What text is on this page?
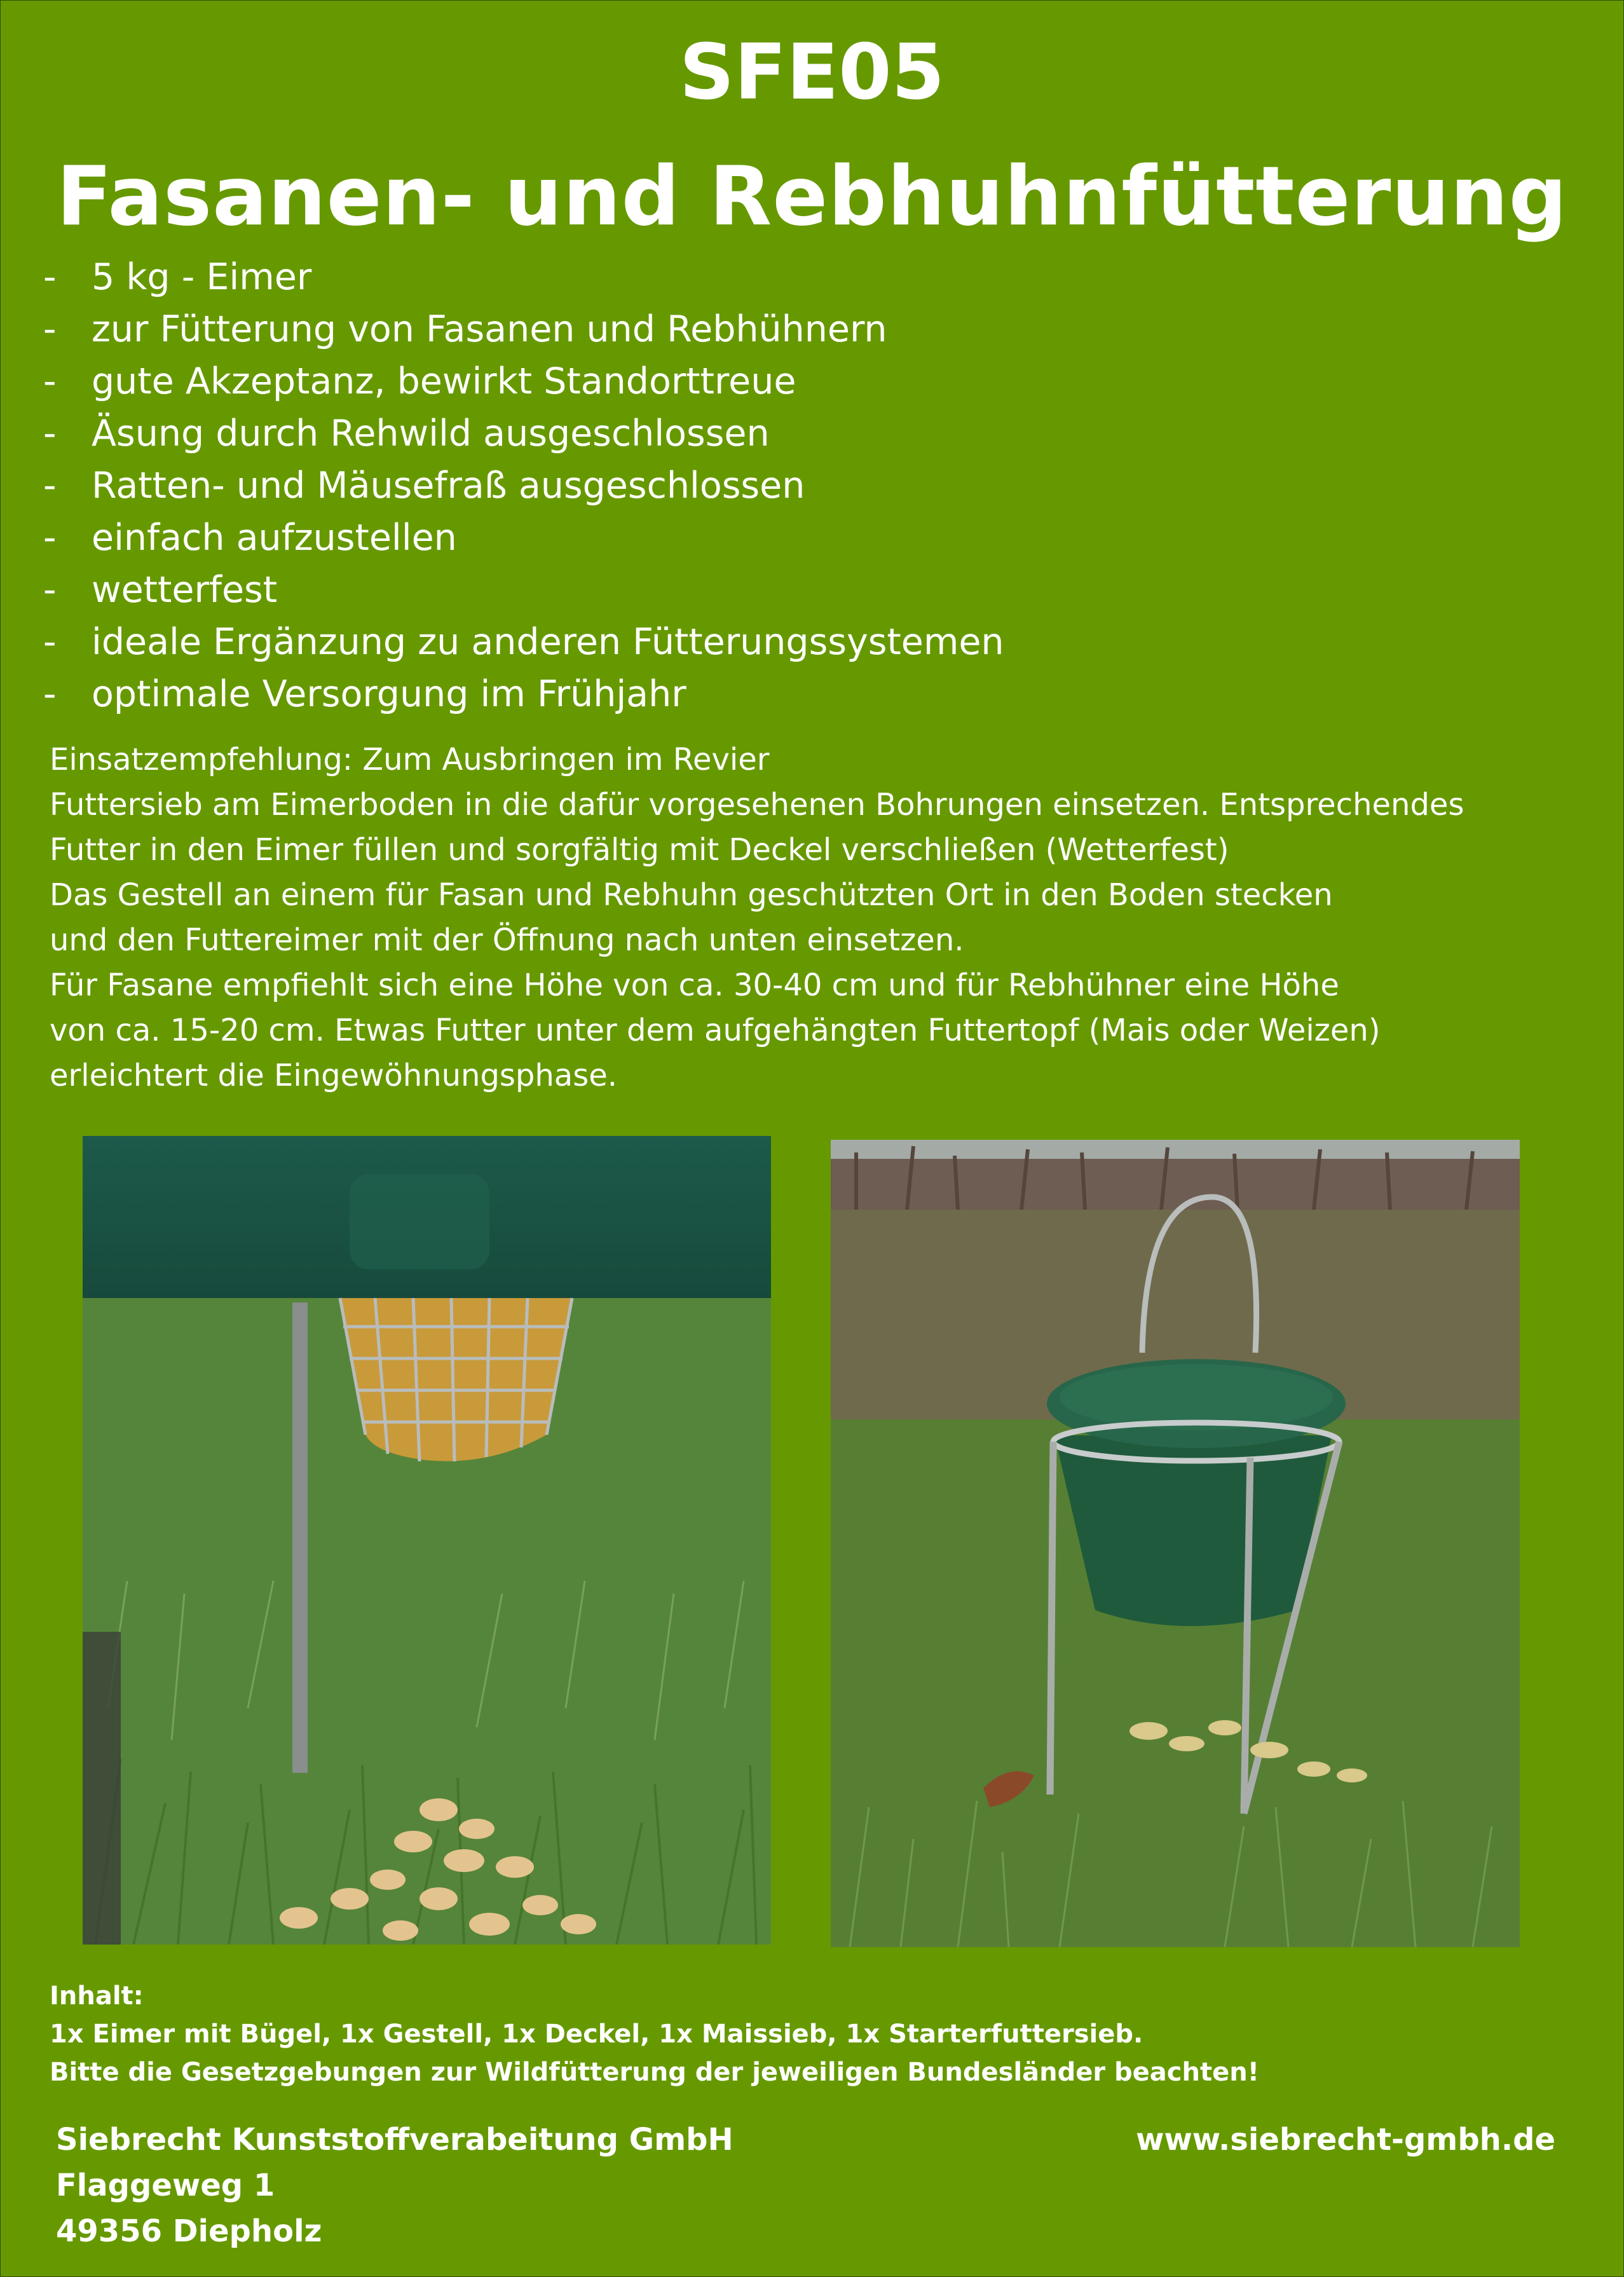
SFE05
Fasanen- und Rebhuhnfütterung
- 5 kg - Eimer
- zur Fütterung von Fasanen und Rebhühnern
- gute Akzeptanz, bewirkt Standorttreue
- Äsung durch Rehwild ausgeschlossen
- Ratten- und Mäusefraß ausgeschlossen
- einfach aufzustellen
- wetterfest
- ideale Ergänzung zu anderen Fütterungssystemen
- optimale Versorgung im Frühjahr
Einsatzempfehlung: Zum Ausbringen im Revier
Futtersieb am Eimerboden in die dafür vorgesehenen Bohrungen einsetzen. Entsprechendes
Futter in den Eimer füllen und sorgfältig mit Deckel verschließen (Wetterfest)
Das Gestell an einem für Fasan und Rebhuhn geschützten Ort in den Boden stecken
und den Futtereimer mit der Öffnung nach unten einsetzen.
Für Fasane empfiehlt sich eine Höhe von ca. 30-40 cm und für Rebhühner eine Höhe
von ca. 15-20 cm. Etwas Futter unter dem aufgehängten Futtertopf (Mais oder Weizen)
erleichtert die Eingewöhnungsphase.
Inhalt:
1x Eimer mit Bügel, 1x Gestell, 1x Deckel, 1x Maissieb, 1x Starterfuttersieb.
Bitte die Gesetzgebungen zur Wildfütterung der jeweiligen Bundesländer beachten!
Siebrecht Kunststoffverabeitung GmbH
Flaggeweg 1
49356 Diepholz
www.siebrecht-gmbh.de
